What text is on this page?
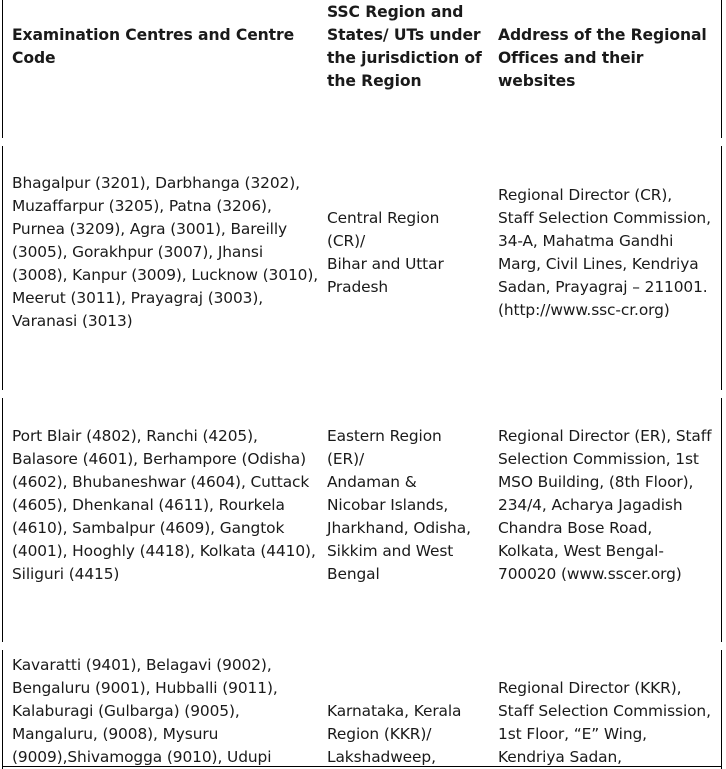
Examination Centres and Centre
Code
SSC Region and
States/ UTs under
the jurisdiction of
the Region
Address of the Regional
Offices and their websites
Bhagalpur (3201), Darbhanga (3202),
Muzaffarpur (3205), Patna (3206),
Purnea (3209), Agra (3001), Bareilly
(3005), Gorakhpur (3007), Jhansi
(3008), Kanpur (3009), Lucknow (3010),
Meerut (3011), Prayagraj (3003),
Varanasi (3013)
Central Region
(CR)/
Bihar and Uttar
Pradesh
Regional Director (CR),
Staff Selection Commission,
34-A, Mahatma Gandhi
Marg, Civil Lines, Kendriya
Sadan, Prayagraj – 211001.
(http://www.ssc-cr.org)
Port Blair (4802), Ranchi (4205),
Balasore (4601), Berhampore (Odisha)
(4602), Bhubaneshwar (4604), Cuttack
(4605), Dhenkanal (4611), Rourkela
(4610), Sambalpur (4609), Gangtok
(4001), Hooghly (4418), Kolkata (4410),
Siliguri (4415)
Eastern Region
(ER)/
Andaman &
Nicobar Islands,
Jharkhand, Odisha,
Sikkim and West
Bengal
Regional Director (ER), Staff
Selection Commission, 1st
MSO Building, (8th Floor),
234/4, Acharya Jagadish
Chandra Bose Road,
Kolkata, West Bengal-
700020 (www.sscer.org)
Kavaratti (9401), Belagavi (9002),
Bengaluru (9001), Hubballi (9011),
Kalaburagi (Gulbarga) (9005),
Mangaluru, (9008), Mysuru
(9009),Shivamogga (9010), Udupi
Karnataka, Kerala
Region (KKR)/
Lakshadweep,
Regional Director (KKR),
Staff Selection Commission,
1st Floor, “E” Wing,
Kendriya Sadan,
